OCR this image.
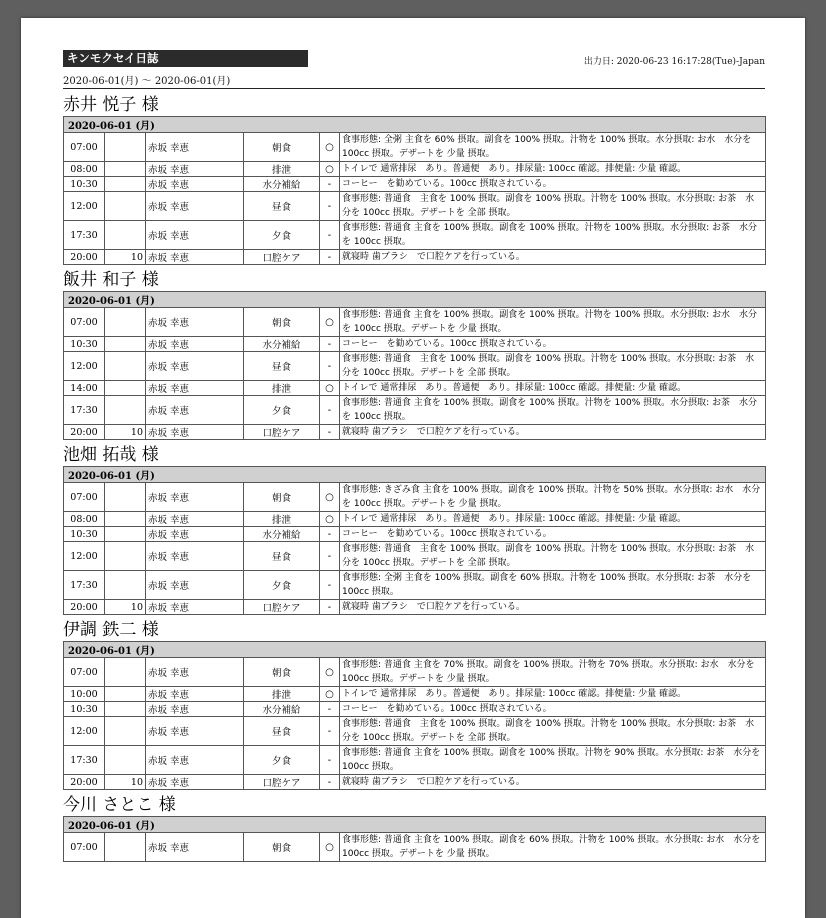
キンモクセイ日誌	出力日: 2020-06-23 16:17:28(Tue)-Japan
2020-06-01(月) ～ 2020-06-01(月)
赤井 悦子 様
2020-06-01 (月)					
07:00		赤坂 幸恵	朝食	○	食事形態: 全粥 主食を 60% 摂取。副食を 100% 摂取。汁物を 100% 摂取。水分摂取: お水　水分を 100cc 摂取。デザートを 少量 摂取。
08:00		赤坂 幸恵	排泄	○	トイレで 通常排尿　あり。普通便　あり。排尿量: 100cc 確認。排便量: 少量 確認。
10:30		赤坂 幸恵	水分補給	-	コーヒー　を勧めている。100cc 摂取されている。
12:00		赤坂 幸恵	昼食	-	食事形態: 普通食　主食を 100% 摂取。副食を 100% 摂取。汁物を 100% 摂取。水分摂取: お茶　水分を 100cc 摂取。デザートを 全部 摂取。
17:30		赤坂 幸恵	夕食	-	食事形態: 普通食 主食を 100% 摂取。副食を 100% 摂取。汁物を 100% 摂取。水分摂取: お茶　水分を 100cc 摂取。
20:00	10	赤坂 幸恵	口腔ケア	-	就寝時 歯ブラシ　で口腔ケアを行っている。
飯井 和子 様
2020-06-01 (月)					
07:00		赤坂 幸恵	朝食	○	食事形態: 普通食 主食を 100% 摂取。副食を 100% 摂取。汁物を 100% 摂取。水分摂取: お水　水分を 100cc 摂取。デザートを 少量 摂取。
10:30		赤坂 幸恵	水分補給	-	コーヒー　を勧めている。100cc 摂取されている。
12:00		赤坂 幸恵	昼食	-	食事形態: 普通食　主食を 100% 摂取。副食を 100% 摂取。汁物を 100% 摂取。水分摂取: お茶　水分を 100cc 摂取。デザートを 全部 摂取。
14:00		赤坂 幸恵	排泄	○	トイレで 通常排尿　あり。普通便　あり。排尿量: 100cc 確認。排便量: 少量 確認。
17:30		赤坂 幸恵	夕食	-	食事形態: 普通食 主食を 100% 摂取。副食を 100% 摂取。汁物を 100% 摂取。水分摂取: お茶　水分を 100cc 摂取。
20:00	10	赤坂 幸恵	口腔ケア	-	就寝時 歯ブラシ　で口腔ケアを行っている。
池畑 拓哉 様
2020-06-01 (月)					
07:00		赤坂 幸恵	朝食	○	食事形態: きざみ食 主食を 100% 摂取。副食を 100% 摂取。汁物を 50% 摂取。水分摂取: お水　水分を 100cc 摂取。デザートを 少量 摂取。
08:00		赤坂 幸恵	排泄	○	トイレで 通常排尿　あり。普通便　あり。排尿量: 100cc 確認。排便量: 少量 確認。
10:30		赤坂 幸恵	水分補給	-	コーヒー　を勧めている。100cc 摂取されている。
12:00		赤坂 幸恵	昼食	-	食事形態: 普通食　主食を 100% 摂取。副食を 100% 摂取。汁物を 100% 摂取。水分摂取: お茶　水分を 100cc 摂取。デザートを 全部 摂取。
17:30		赤坂 幸恵	夕食	-	食事形態: 全粥 主食を 100% 摂取。副食を 60% 摂取。汁物を 100% 摂取。水分摂取: お茶　水分を 100cc 摂取。
20:00	10	赤坂 幸恵	口腔ケア	-	就寝時 歯ブラシ　で口腔ケアを行っている。
伊調 鉄二 様
2020-06-01 (月)					
07:00		赤坂 幸恵	朝食	○	食事形態: 普通食 主食を 70% 摂取。副食を 100% 摂取。汁物を 70% 摂取。水分摂取: お水　水分を 100cc 摂取。デザートを 少量 摂取。
10:00		赤坂 幸恵	排泄	○	トイレで 通常排尿　あり。普通便　あり。排尿量: 100cc 確認。排便量: 少量 確認。
10:30		赤坂 幸恵	水分補給	-	コーヒー　を勧めている。100cc 摂取されている。
12:00		赤坂 幸恵	昼食	-	食事形態: 普通食　主食を 100% 摂取。副食を 100% 摂取。汁物を 100% 摂取。水分摂取: お茶　水分を 100cc 摂取。デザートを 全部 摂取。
17:30		赤坂 幸恵	夕食	-	食事形態: 普通食 主食を 100% 摂取。副食を 100% 摂取。汁物を 90% 摂取。水分摂取: お茶　水分を 100cc 摂取。
20:00	10	赤坂 幸恵	口腔ケア	-	就寝時 歯ブラシ　で口腔ケアを行っている。
今川 さとこ 様
2020-06-01 (月)
07:00		赤坂 幸恵	朝食	○	食事形態: 普通食 主食を 100% 摂取。副食を 60% 摂取。汁物を 100% 摂取。水分摂取: お水　水分を 100cc 摂取。デザートを 少量 摂取。
